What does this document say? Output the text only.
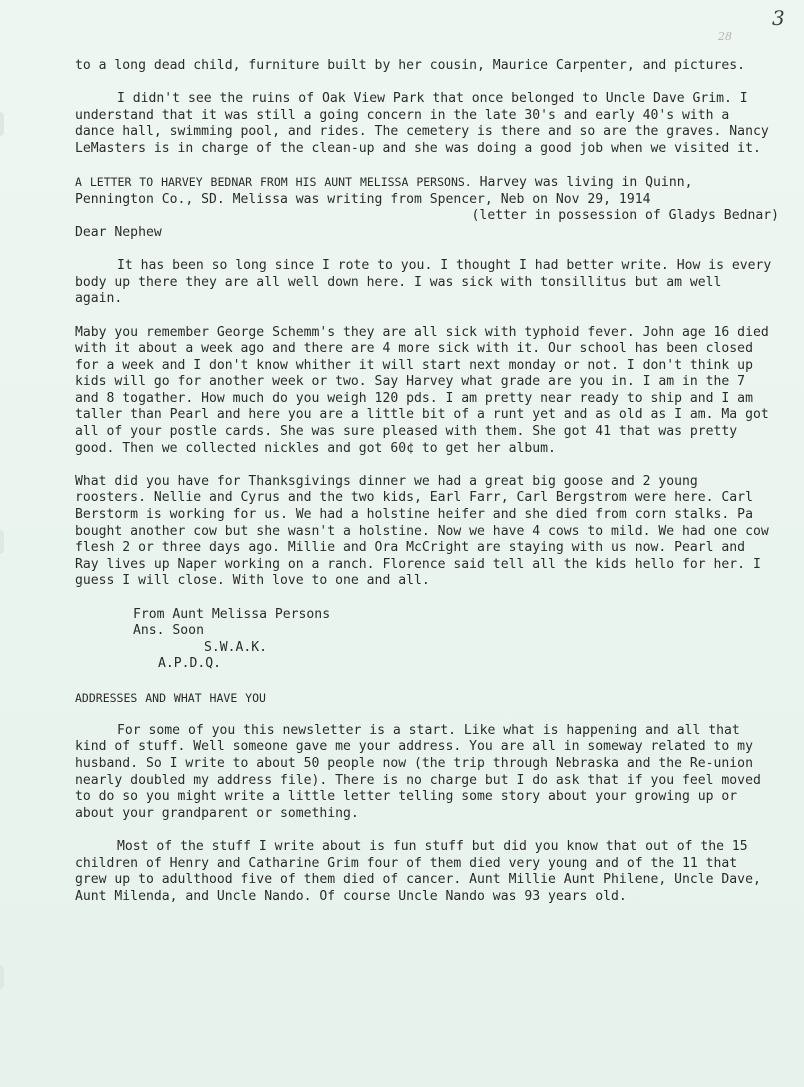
3
28

to a long dead child, furniture built by her cousin, Maurice Carpenter, and pictures.

I didn't see the ruins of Oak View Park that once belonged to Uncle Dave Grim. I understand that it was still a going concern in the late 30's and early 40's with a dance hall, swimming pool, and rides. The cemetery is there and so are the graves. Nancy LeMasters is in charge of the clean-up and she was doing a good job when we visited it.

A LETTER TO HARVEY BEDNAR FROM HIS AUNT MELISSA PERSONS. Harvey was living in Quinn, Pennington Co., SD. Melissa was writing from Spencer, Neb on Nov 29, 1914

(letter in possession of Gladys Bednar)

Dear Nephew

It has been so long since I rote to you. I thought I had better write. How is every body up there they are all well down here. I was sick with tonsillitus but am well again.

Maby you remember George Schemm's they are all sick with typhoid fever. John age 16 died with it about a week ago and there are 4 more sick with it. Our school has been closed for a week and I don't know whither it will start next monday or not. I don't think up kids will go for another week or two. Say Harvey what grade are you in. I am in the 7 and 8 togather. How much do you weigh 120 pds. I am pretty near ready to ship and I am taller than Pearl and here you are a little bit of a runt yet and as old as I am. Ma got all of your postle cards. She was sure pleased with them. She got 41 that was pretty good. Then we collected nickles and got 60¢ to get her album.

What did you have for Thanksgivings dinner we had a great big goose and 2 young roosters. Nellie and Cyrus and the two kids, Earl Farr, Carl Bergstrom were here. Carl Berstorm is working for us. We had a holstine heifer and she died from corn stalks. Pa bought another cow but she wasn't a holstine. Now we have 4 cows to mild. We had one cow flesh 2 or three days ago. Millie and Ora McCright are staying with us now. Pearl and Ray lives up Naper working on a ranch. Florence said tell all the kids hello for her. I guess I will close. With love to one and all.

From Aunt Melissa Persons
Ans. Soon
S.W.A.K.
A.P.D.Q.

ADDRESSES AND WHAT HAVE YOU

For some of you this newsletter is a start. Like what is happening and all that kind of stuff. Well someone gave me your address. You are all in someway related to my husband. So I write to about 50 people now (the trip through Nebraska and the Re-union nearly doubled my address file). There is no charge but I do ask that if you feel moved to do so you might write a little letter telling some story about your growing up or about your grandparent or something.

Most of the stuff I write about is fun stuff but did you know that out of the 15 children of Henry and Catharine Grim four of them died very young and of the 11 that grew up to adulthood five of them died of cancer. Aunt Millie Aunt Philene, Uncle Dave, Aunt Milenda, and Uncle Nando. Of course Uncle Nando was 93 years old.
